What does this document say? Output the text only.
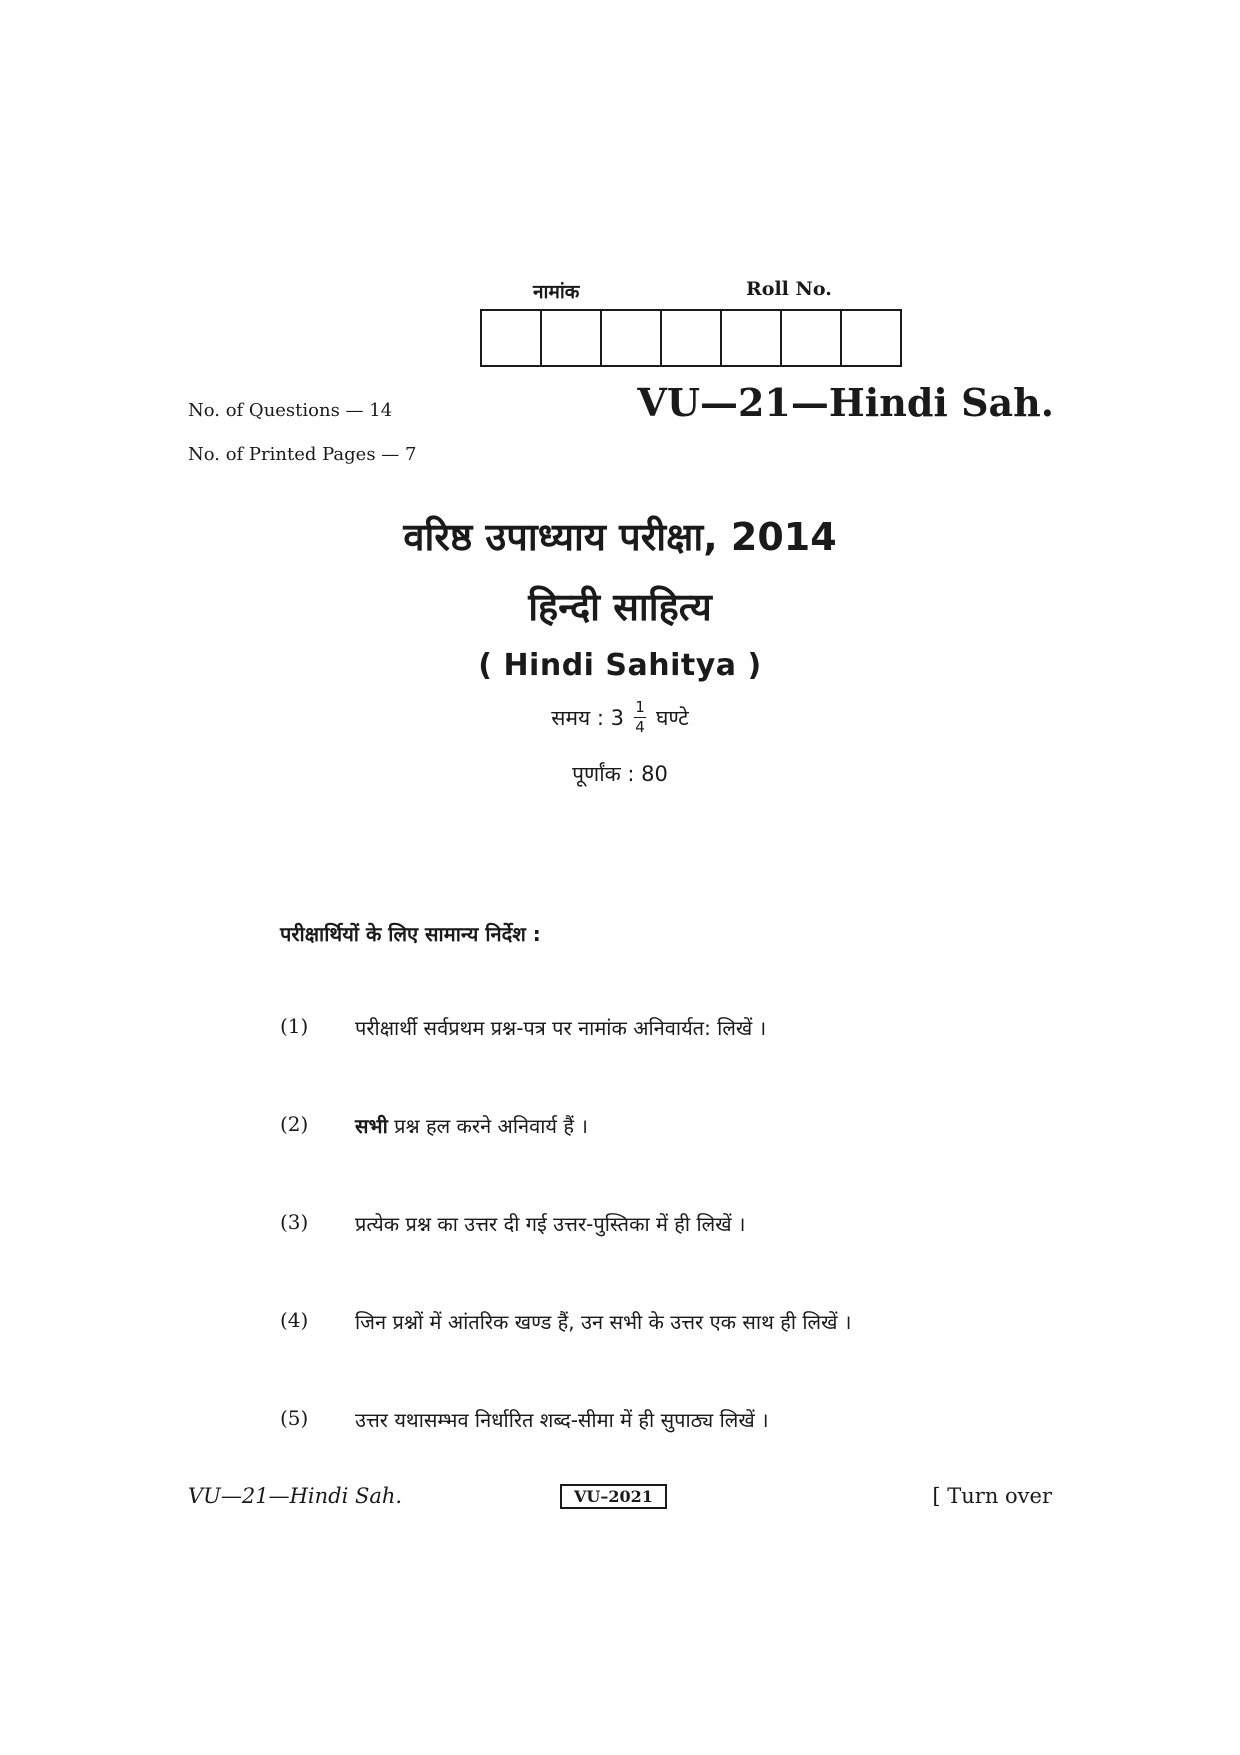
नामांक	Roll No.
No. of Questions — 14
No. of Printed Pages — 7
VU—21—Hindi Sah.
वरिष्ठ उपाध्याय परीक्षा, 2014
हिन्दी साहित्य
( Hindi Sahitya )
समय : $3 \frac{1}{4}$ घण्टे
पूर्णांक : 80
परीक्षार्थियों के लिए सामान्य निर्देश :
(1)	परीक्षार्थी सर्वप्रथम प्रश्न-पत्र पर नामांक अनिवार्यत: लिखें ।
(2)	सभी प्रश्न हल करने अनिवार्य हैं ।
(3)	प्रत्येक प्रश्न का उत्तर दी गई उत्तर-पुस्तिका में ही लिखें ।
(4)	जिन प्रश्नों में आंतरिक खण्ड हैं, उन सभी के उत्तर एक साथ ही लिखें ।
(5)	उत्तर यथासम्भव निर्धारित शब्द-सीमा में ही सुपाठ्य लिखें ।
VU—21—Hindi Sah.	VU–2021	[ Turn over
